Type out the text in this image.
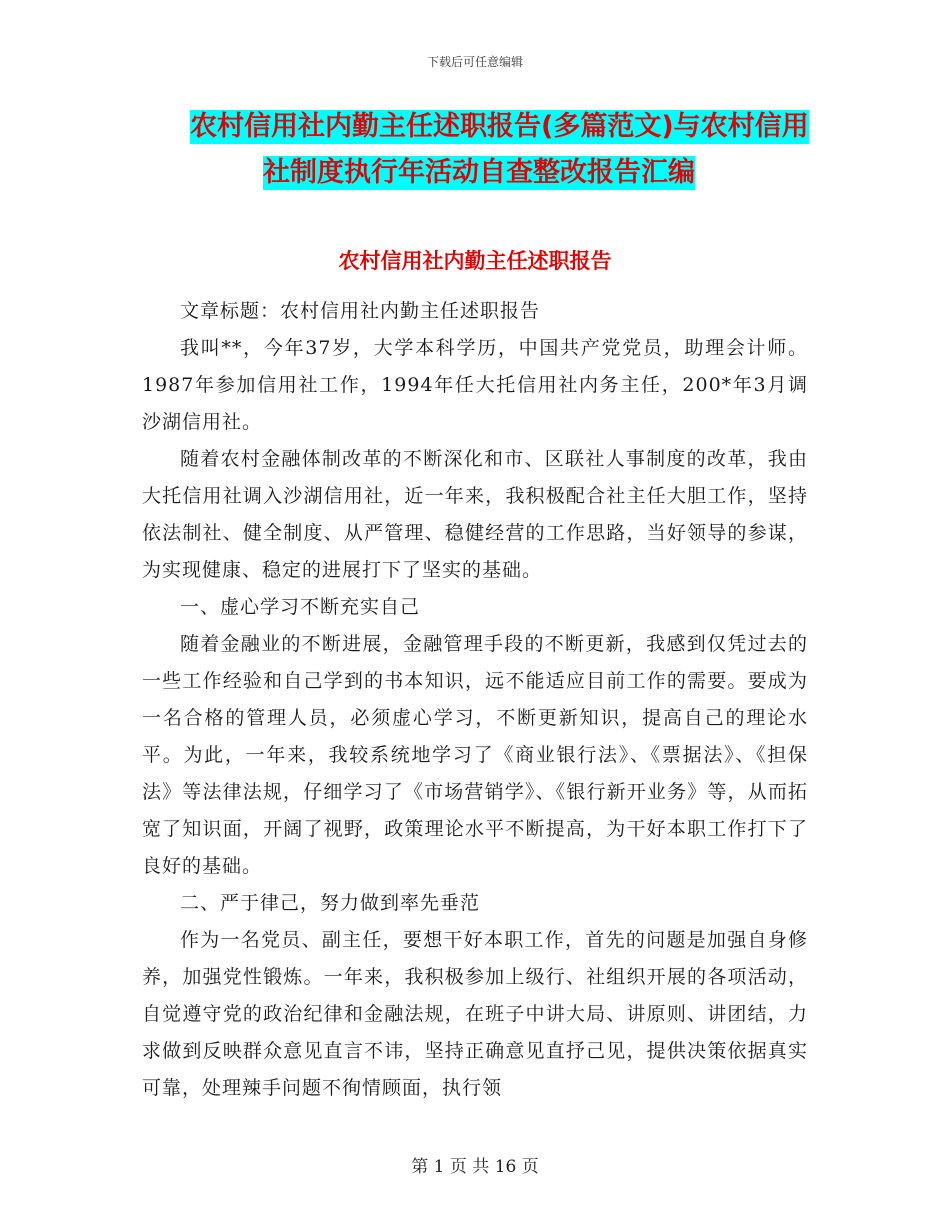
下载后可任意编辑
农村信用社内勤主任述职报告(多篇范文)与农村信用
社制度执行年活动自查整改报告汇编
农村信用社内勤主任述职报告

文章标题：农村信用社内勤主任述职报告

我叫**，今年37岁，大学本科学历，中国共产党党员，助理会计师。1987年参加信用社工作，1994年任大托信用社内务主任，200*年3月调沙湖信用社。

随着农村金融体制改革的不断深化和市、区联社人事制度的改革，我由大托信用社调入沙湖信用社，近一年来，我积极配合社主任大胆工作，坚持依法制社、健全制度、从严管理、稳健经营的工作思路，当好领导的参谋，为实现健康、稳定的进展打下了坚实的基础。

一、虚心学习不断充实自己

随着金融业的不断进展，金融管理手段的不断更新，我感到仅凭过去的一些工作经验和自己学到的书本知识，远不能适应目前工作的需要。要成为一名合格的管理人员，必须虚心学习，不断更新知识，提高自己的理论水平。为此，一年来，我较系统地学习了《商业银行法》、《票据法》、《担保法》等法律法规，仔细学习了《市场营销学》、《银行新开业务》等，从而拓宽了知识面，开阔了视野，政策理论水平不断提高，为干好本职工作打下了良好的基础。

二、严于律己，努力做到率先垂范

作为一名党员、副主任，要想干好本职工作，首先的问题是加强自身修养，加强党性锻炼。一年来，我积极参加上级行、社组织开展的各项活动，自觉遵守党的政治纪律和金融法规，在班子中讲大局、讲原则、讲团结，力求做到反映群众意见直言不讳，坚持正确意见直抒己见，提供决策依据真实可靠，处理辣手问题不徇情顾面，执行领

第 1 页 共 16 页
